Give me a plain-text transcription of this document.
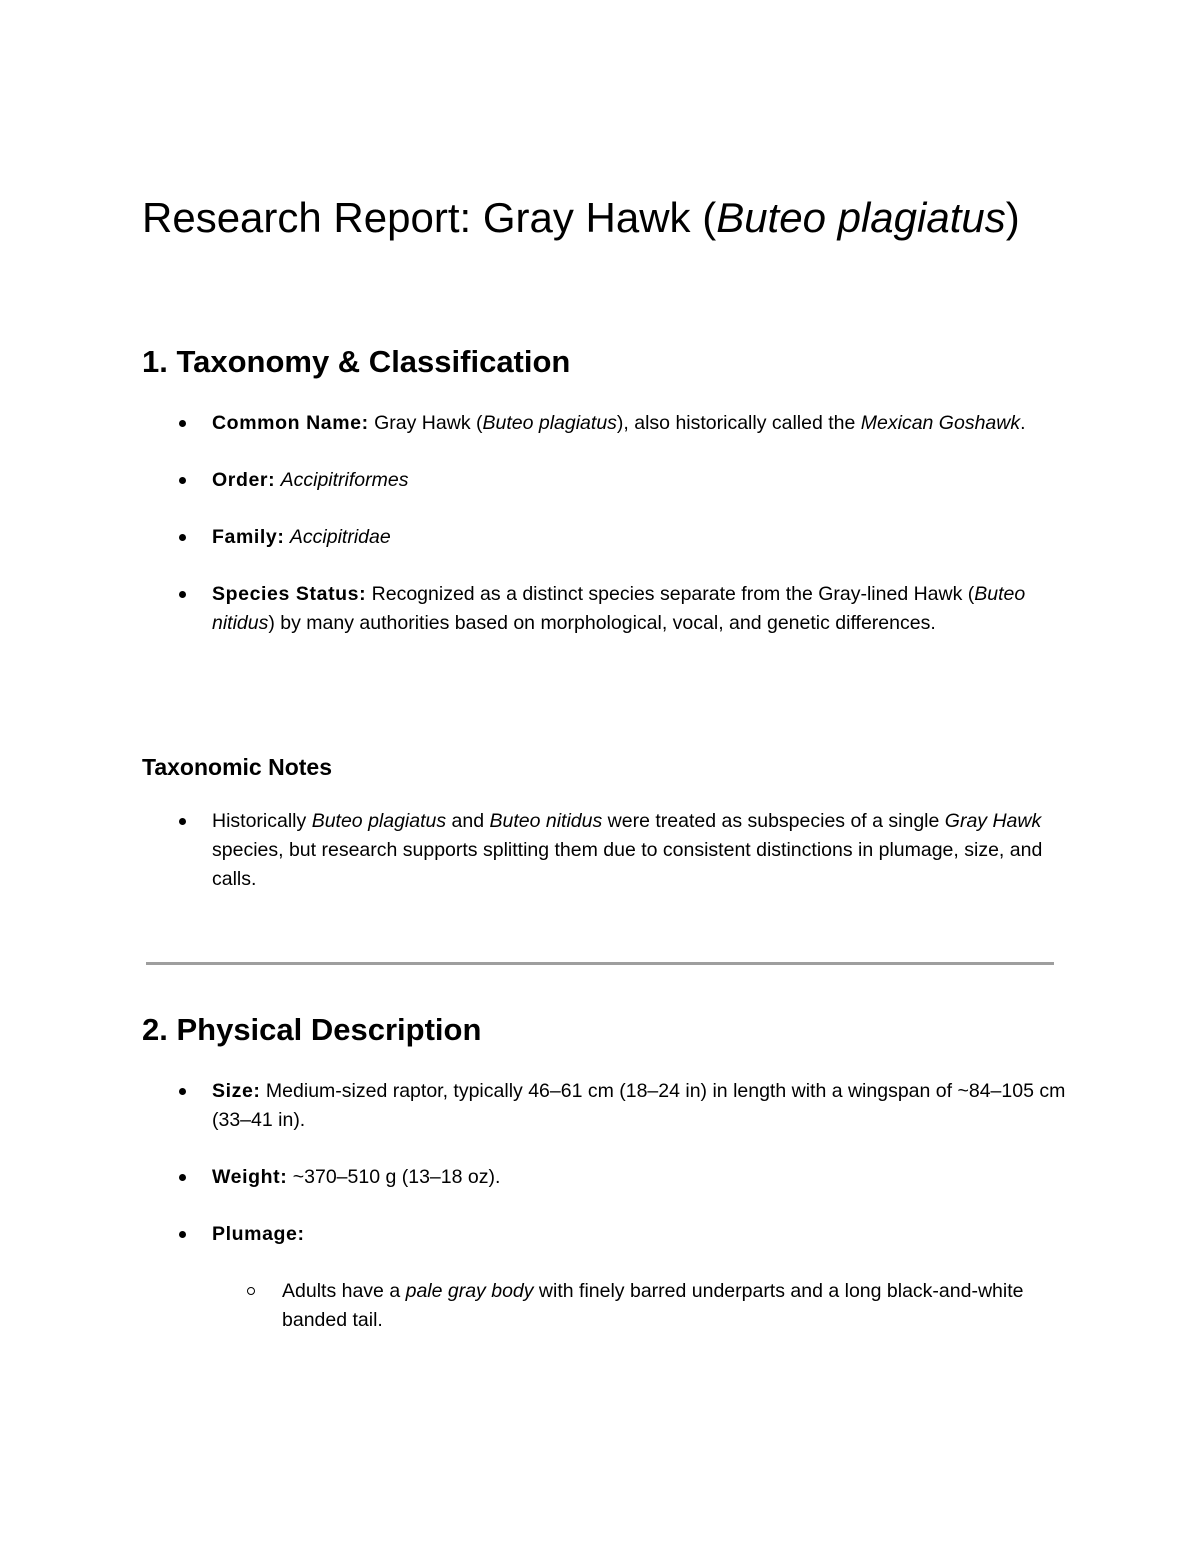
Research Report: Gray Hawk (Buteo plagiatus)
1. Taxonomy & Classification
Common Name: Gray Hawk (Buteo plagiatus), also historically called the Mexican Goshawk.
Order: Accipitriformes
Family: Accipitridae
Species Status: Recognized as a distinct species separate from the Gray-lined Hawk (Buteo nitidus) by many authorities based on morphological, vocal, and genetic differences.
Taxonomic Notes
Historically Buteo plagiatus and Buteo nitidus were treated as subspecies of a single Gray Hawk species, but research supports splitting them due to consistent distinctions in plumage, size, and calls.
2. Physical Description
Size: Medium-sized raptor, typically 46–61 cm (18–24 in) in length with a wingspan of ~84–105 cm (33–41 in).
Weight: ~370–510 g (13–18 oz).
Plumage:
Adults have a pale gray body with finely barred underparts and a long black-and-white banded tail.
